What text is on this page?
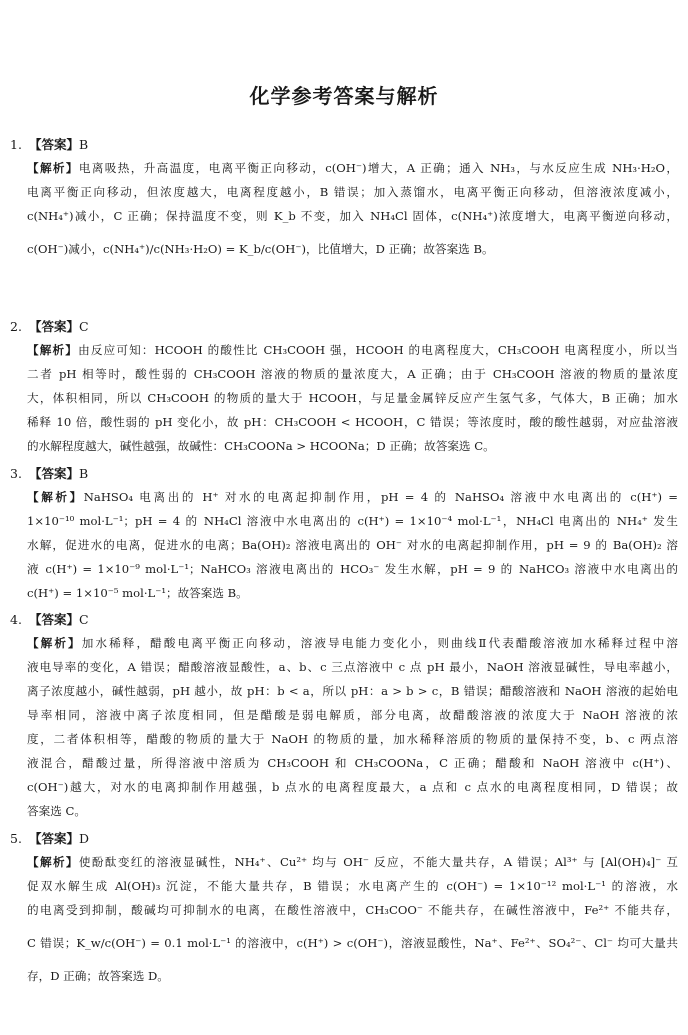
化学参考答案与解析
1. 【答案】B
【解析】电离吸热，升高温度，电离平衡正向移动，c(OH⁻)增大，A 正确；通入 NH₃，与水反应生成 NH₃·H₂O，
电离平衡正向移动，但浓度越大，电离程度越小，B 错误；加入蒸馏水，电离平衡正向移动，但溶液浓度减小，
c(NH₄⁺)减小，C 正确；保持温度不变，则 K_b 不变，加入 NH₄Cl 固体，c(NH₄⁺)浓度增大，电离平衡逆向移动，
c(OH⁻)减小，c(NH₄⁺)/c(NH₃·H₂O) = K_b/c(OH⁻)，比值增大，D 正确；故答案选 B。
2. 【答案】C
【解析】由反应可知：HCOOH 的酸性比 CH₃COOH 强，HCOOH 的电离程度大，CH₃COOH 电离程度小，所以当
二者 pH 相等时，酸性弱的 CH₃COOH 溶液的物质的量浓度大，A 正确；由于 CH₃COOH 溶液的物质的量浓度
大，体积相同，所以 CH₃COOH 的物质的量大于 HCOOH，与足量金属锌反应产生氢气多，气体大，B 正确；加水
稀释 10 倍，酸性弱的 pH 变化小，故 pH：CH₃COOH < HCOOH，C 错误；等浓度时，酸的酸性越弱，对应盐溶液
的水解程度越大，碱性越强，故碱性：CH₃COONa > HCOONa；D 正确；故答案选 C。
3. 【答案】B
【解析】NaHSO₄ 电离出的 H⁺ 对水的电离起抑制作用，pH = 4 的 NaHSO₄ 溶液中水电离出的 c(H⁺) =
1×10⁻¹⁰ mol·L⁻¹；pH = 4 的 NH₄Cl 溶液中水电离出的 c(H⁺) = 1×10⁻⁴ mol·L⁻¹，NH₄Cl 电离出的 NH₄⁺ 发生
水解，促进水的电离，促进水的电离；Ba(OH)₂ 溶液电离出的 OH⁻ 对水的电离起抑制作用，pH = 9 的 Ba(OH)₂ 溶
液 c(H⁺) = 1×10⁻⁹ mol·L⁻¹；NaHCO₃ 溶液电离出的 HCO₃⁻ 发生水解，pH = 9 的 NaHCO₃ 溶液中水电离出的
c(H⁺) = 1×10⁻⁵ mol·L⁻¹；故答案选 B。
4. 【答案】C
【解析】加水稀释，醋酸电离平衡正向移动，溶液导电能力变化小，则曲线Ⅱ代表醋酸溶液加水稀释过程中溶
液电导率的变化，A 错误；醋酸溶液显酸性，a、b、c 三点溶液中 c 点 pH 最小，NaOH 溶液显碱性，导电率越小，
离子浓度越小，碱性越弱，pH 越小，故 pH：b < a，所以 pH：a > b > c，B 错误；醋酸溶液和 NaOH 溶液的起始电
导率相同，溶液中离子浓度相同，但是醋酸是弱电解质，部分电离，故醋酸溶液的浓度大于 NaOH 溶液的浓
度，二者体积相等，醋酸的物质的量大于 NaOH 的物质的量，加水稀释溶质的物质的量保持不变，b、c 两点溶
液混合，醋酸过量，所得溶液中溶质为 CH₃COOH 和 CH₃COONa，C 正确；醋酸和 NaOH 溶液中 c(H⁺)、
c(OH⁻)越大，对水的电离抑制作用越强，b 点水的电离程度最大，a 点和 c 点水的电离程度相同，D 错误；故
答案选 C。
5. 【答案】D
【解析】使酚酞变红的溶液显碱性，NH₄⁺、Cu²⁺ 均与 OH⁻ 反应，不能大量共存，A 错误；Al³⁺ 与 [Al(OH)₄]⁻ 互
促双水解生成 Al(OH)₃ 沉淀，不能大量共存，B 错误；水电离产生的 c(OH⁻) = 1×10⁻¹² mol·L⁻¹ 的溶液，水
的电离受到抑制，酸碱均可抑制水的电离，在酸性溶液中，CH₃COO⁻ 不能共存，在碱性溶液中，Fe²⁺ 不能共存，
C 错误；K_w/c(OH⁻) = 0.1 mol·L⁻¹ 的溶液中，c(H⁺) > c(OH⁻)，溶液显酸性，Na⁺、Fe²⁺、SO₄²⁻、Cl⁻ 均可大量共
存，D 正确；故答案选 D。
